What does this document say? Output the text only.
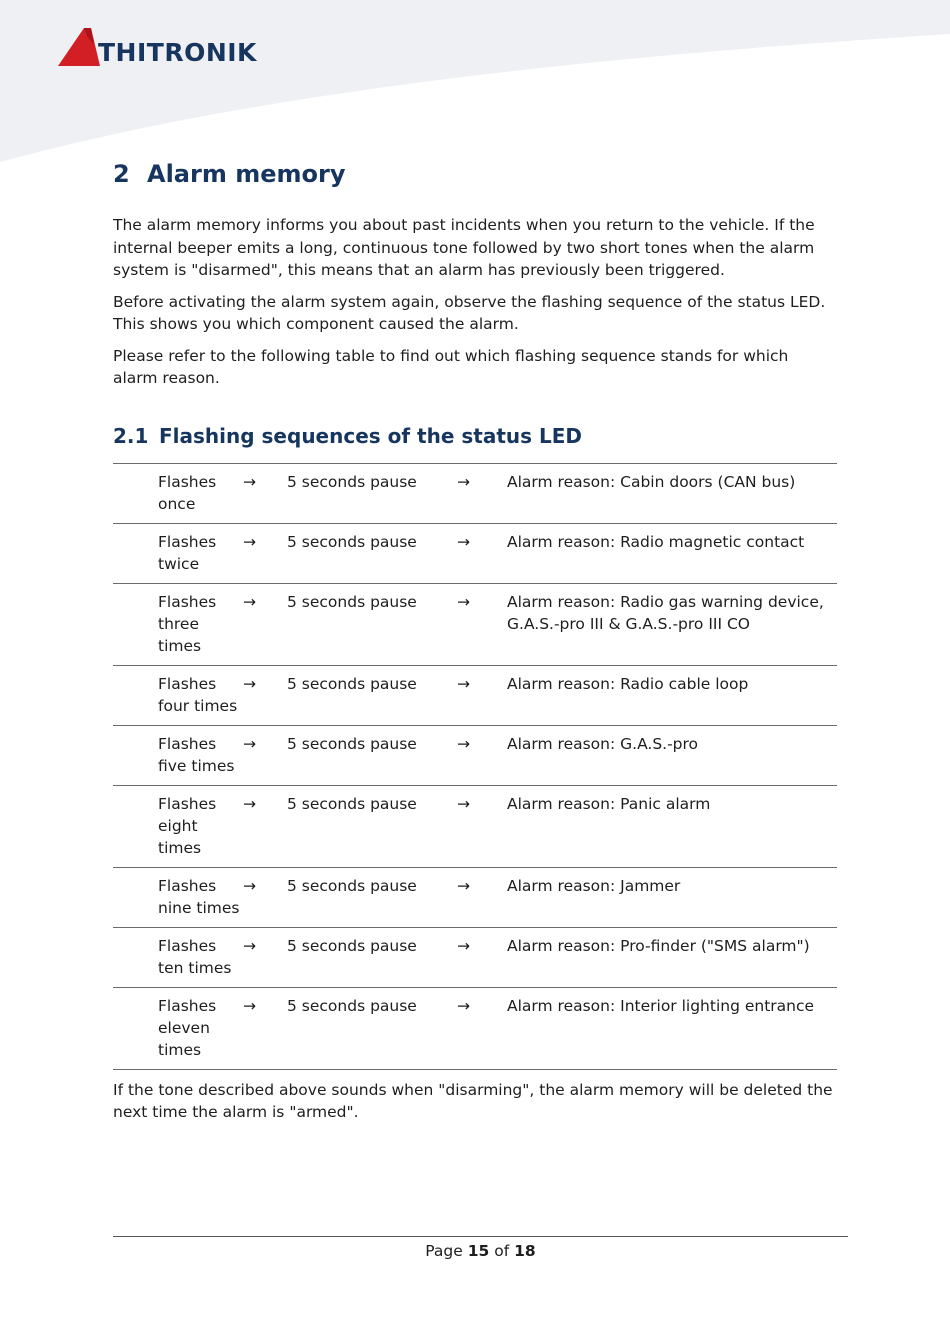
THITRONIK
2 Alarm memory

The alarm memory informs you about past incidents when you return to the vehicle. If the internal beeper emits a long, continuous tone followed by two short tones when the alarm system is "disarmed", this means that an alarm has previously been triggered.

Before activating the alarm system again, observe the flashing sequence of the status LED. This shows you which component caused the alarm.

Please refer to the following table to find out which flashing sequence stands for which alarm reason.

2.1 Flashing sequences of the status LED
Flashes once	→	5 seconds pause	→	Alarm reason: Cabin doors (CAN bus)
Flashes twice	→	5 seconds pause	→	Alarm reason: Radio magnetic contact
Flashes three times	→	5 seconds pause	→	Alarm reason: Radio gas warning device, G.A.S.-pro III & G.A.S.-pro III CO
Flashes four times	→	5 seconds pause	→	Alarm reason: Radio cable loop
Flashes five times	→	5 seconds pause	→	Alarm reason: G.A.S.-pro
Flashes eight times	→	5 seconds pause	→	Alarm reason: Panic alarm
Flashes nine times	→	5 seconds pause	→	Alarm reason: Jammer
Flashes ten times	→	5 seconds pause	→	Alarm reason: Pro-finder ("SMS alarm")
Flashes eleven times	→	5 seconds pause	→	Alarm reason: Interior lighting entrance

If the tone described above sounds when "disarming", the alarm memory will be deleted the next time the alarm is "armed".

Page 15 of 18
